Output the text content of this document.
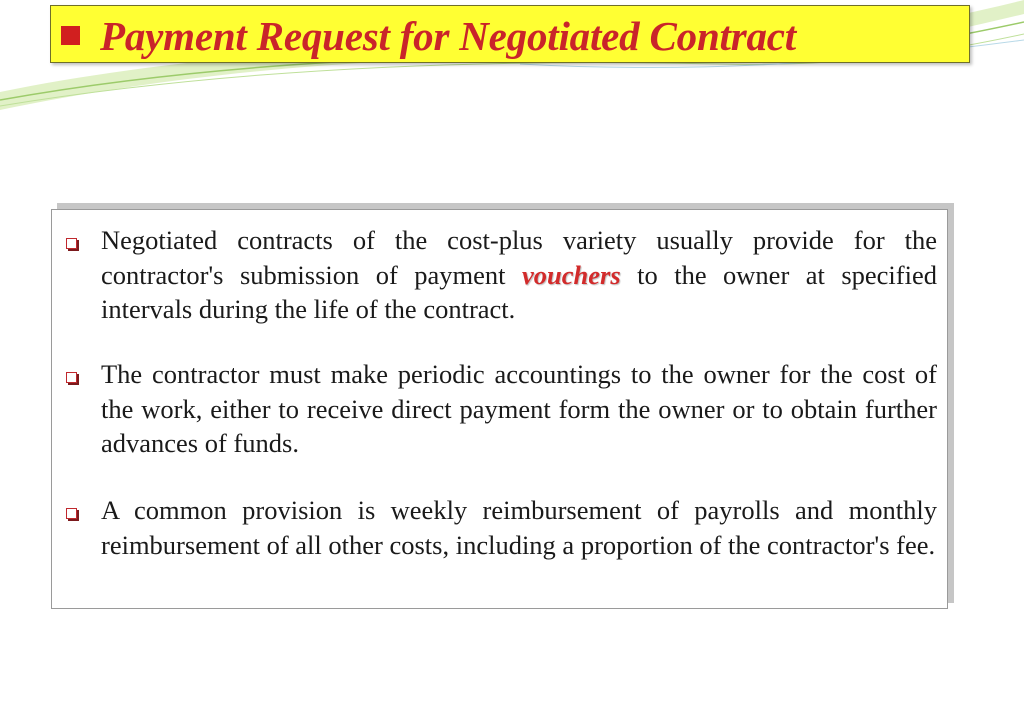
Payment Request for Negotiated Contract

Negotiated contracts of the cost-plus variety usually provide for the contractor's submission of payment vouchers to the owner at specified intervals during the life of the contract.

The contractor must make periodic accountings to the owner for the cost of the work, either to receive direct payment form the owner or to obtain further advances of funds.

A common provision is weekly reimbursement of payrolls and monthly reimbursement of all other costs, including a proportion of the contractor's fee.
